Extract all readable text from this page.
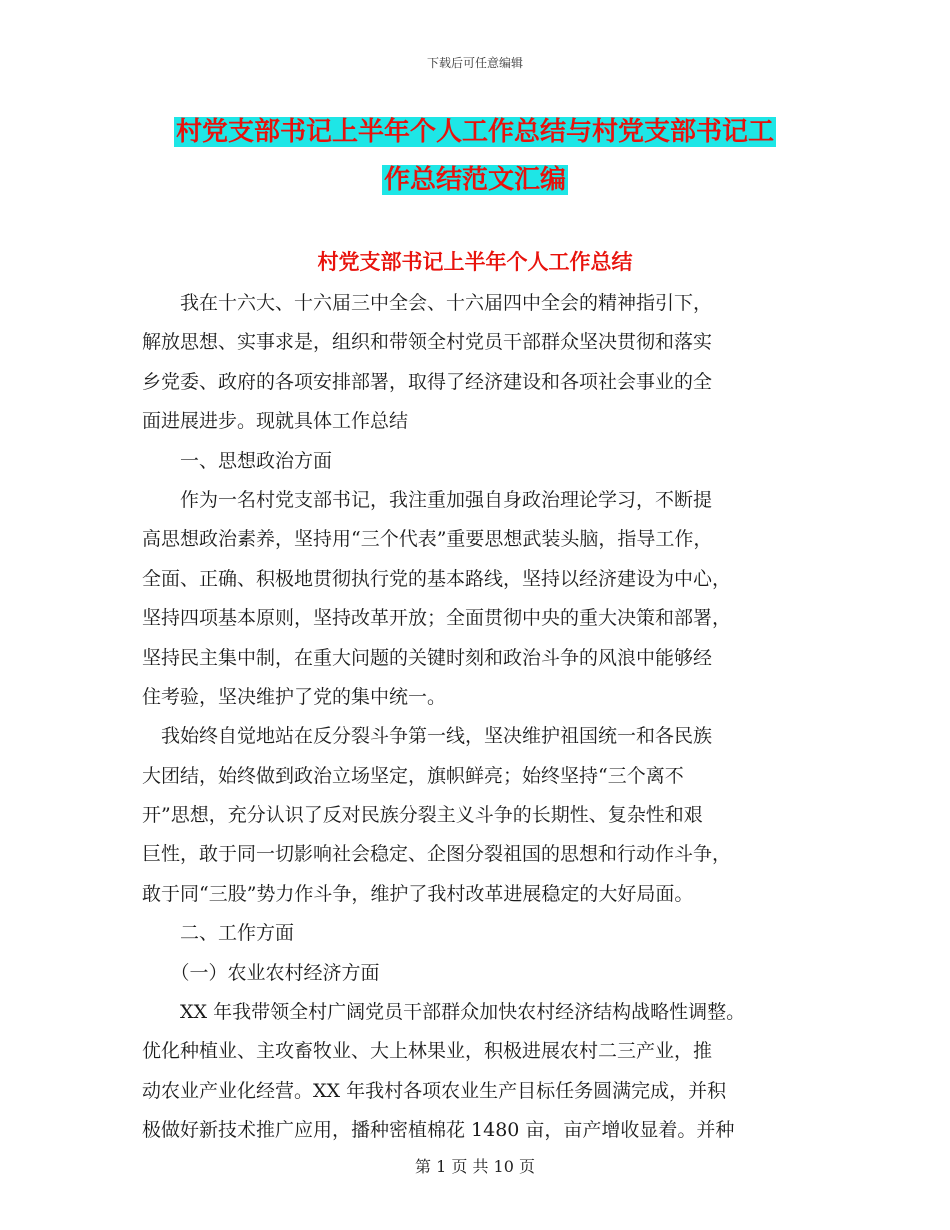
下载后可任意编辑
村党支部书记上半年个人工作总结与村党支部书记工
作总结范文汇编
村党支部书记上半年个人工作总结
　　我在十六大、十六届三中全会、十六届四中全会的精神指引下，
解放思想、实事求是，组织和带领全村党员干部群众坚决贯彻和落实
乡党委、政府的各项安排部署，取得了经济建设和各项社会事业的全
面进展进步。现就具体工作总结
　　一、思想政治方面
　　作为一名村党支部书记，我注重加强自身政治理论学习，不断提
高思想政治素养，坚持用“三个代表”重要思想武装头脑，指导工作，
全面、正确、积极地贯彻执行党的基本路线，坚持以经济建设为中心，
坚持四项基本原则，坚持改革开放；全面贯彻中央的重大决策和部署，
坚持民主集中制，在重大问题的关键时刻和政治斗争的风浪中能够经
住考验，坚决维护了党的集中统一。
　我始终自觉地站在反分裂斗争第一线，坚决维护祖国统一和各民族
大团结，始终做到政治立场坚定，旗帜鲜亮；始终坚持“三个离不
开”思想，充分认识了反对民族分裂主义斗争的长期性、复杂性和艰
巨性，敢于同一切影响社会稳定、企图分裂祖国的思想和行动作斗争，
敢于同“三股”势力作斗争，维护了我村改革进展稳定的大好局面。
　　二、工作方面
　　（一）农业农村经济方面
　　XX 年我带领全村广阔党员干部群众加快农村经济结构战略性调整。
优化种植业、主攻畜牧业、大上林果业，积极进展农村二三产业，推
动农业产业化经营。XX 年我村各项农业生产目标任务圆满完成，并积
极做好新技术推广应用，播种密植棉花 1480 亩，亩产增收显着。并种
第 1 页 共 10 页
